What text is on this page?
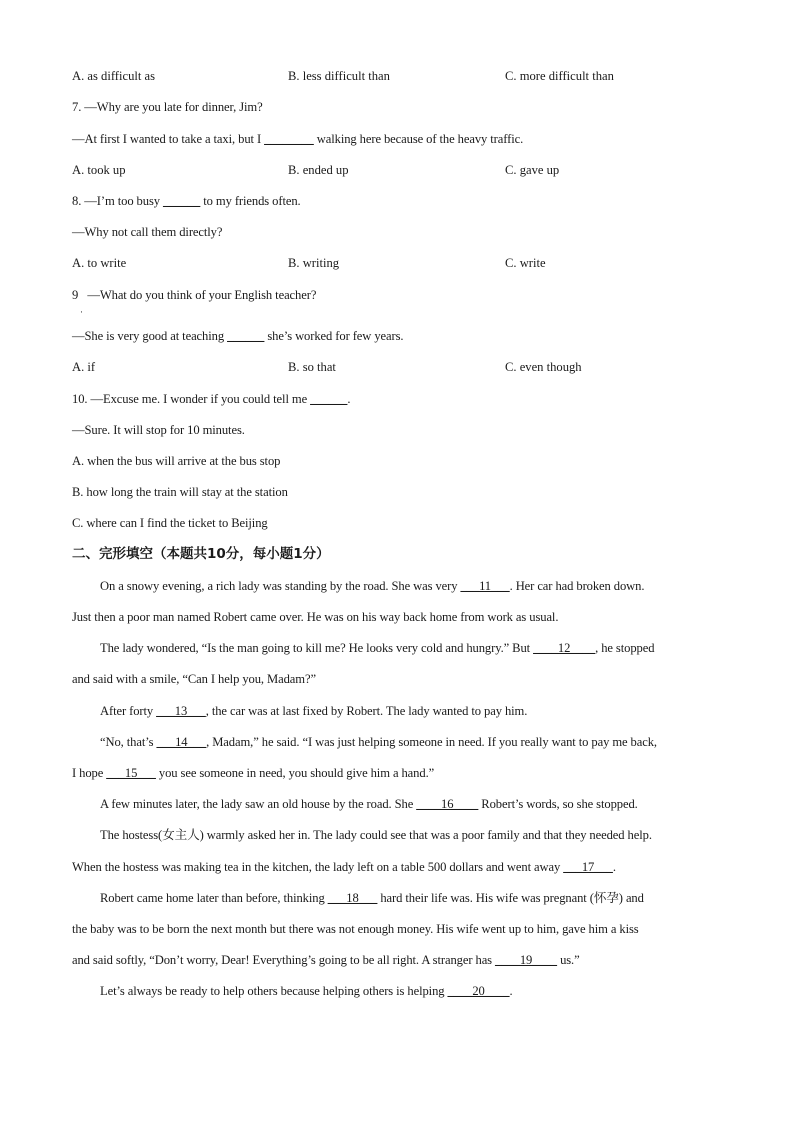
A. as difficult as	B. less difficult than	C. more difficult than
7. —Why are you late for dinner, Jim?
—At first I wanted to take a taxi, but I ________ walking here because of the heavy traffic.
A. took up	B. ended up	C. gave up
8. —I’m too busy ______ to my friends often.
—Why not call them directly?
A. to write	B. writing	C. write
9   —What do you think of your English teacher?
·
—She is very good at teaching ______ she’s worked for few years.
A. if	B. so that	C. even though
10. —Excuse me. I wonder if you could tell me ______.
—Sure. It will stop for 10 minutes.
A. when the bus will arrive at the bus stop
B. how long the train will stay at the station
C. where can I find the ticket to Beijing
二、完形填空（本题共10分，每小题1分）
On a snowy evening, a rich lady was standing by the road. She was very ___11___. Her car had broken down.
Just then a poor man named Robert came over. He was on his way back home from work as usual.
The lady wondered, “Is the man going to kill me? He looks very cold and hungry.” But ____12____, he stopped
and said with a smile, “Can I help you, Madam?”
After forty ___13___, the car was at last fixed by Robert. The lady wanted to pay him.
“No, that’s ___14___, Madam,” he said. “I was just helping someone in need. If you really want to pay me back,
I hope ___15___ you see someone in need, you should give him a hand.”
A few minutes later, the lady saw an old house by the road. She ____16____ Robert’s words, so she stopped.
The hostess(女主人) warmly asked her in. The lady could see that was a poor family and that they needed help.
When the hostess was making tea in the kitchen, the lady left on a table 500 dollars and went away ___17___.
Robert came home later than before, thinking ___18___ hard their life was. His wife was pregnant (怀孕) and
the baby was to be born the next month but there was not enough money. His wife went up to him, gave him a kiss
and said softly, “Don’t worry, Dear! Everything’s going to be all right. A stranger has ____19____ us.”
Let’s always be ready to help others because helping others is helping ____20____.
